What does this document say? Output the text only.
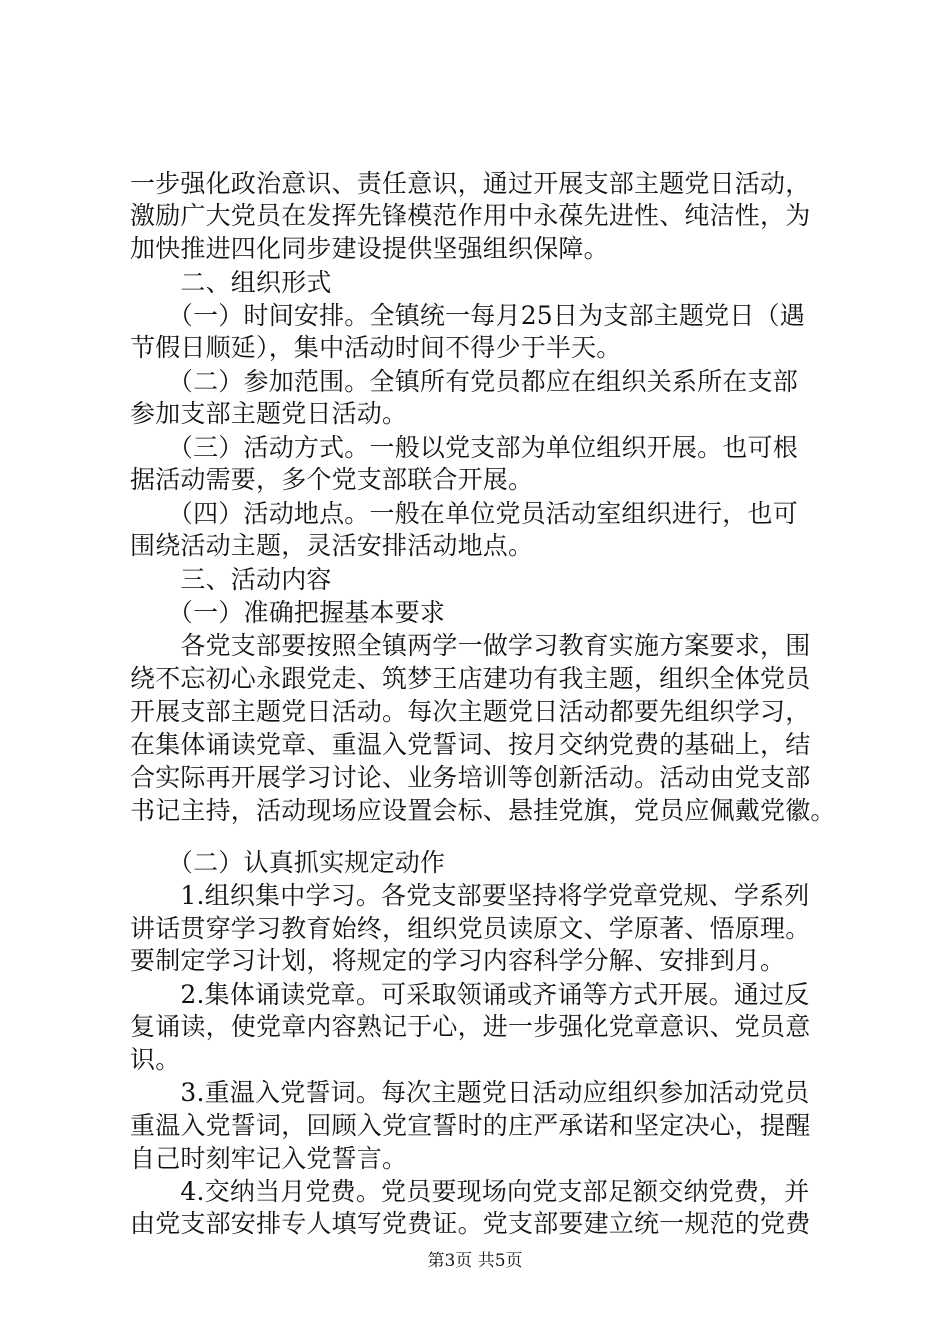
一步强化政治意识、责任意识，通过开展支部主题党日活动，
激励广大党员在发挥先锋模范作用中永葆先进性、纯洁性，为
加快推进四化同步建设提供坚强组织保障。
　　二、组织形式
　　（一）时间安排。全镇统一每月25日为支部主题党日（遇
节假日顺延），集中活动时间不得少于半天。
　　（二）参加范围。全镇所有党员都应在组织关系所在支部
参加支部主题党日活动。
　　（三）活动方式。一般以党支部为单位组织开展。也可根
据活动需要，多个党支部联合开展。
　　（四）活动地点。一般在单位党员活动室组织进行，也可
围绕活动主题，灵活安排活动地点。
　　三、活动内容
　　（一）准确把握基本要求
　　各党支部要按照全镇两学一做学习教育实施方案要求，围
绕不忘初心永跟党走、筑梦王店建功有我主题，组织全体党员
开展支部主题党日活动。每次主题党日活动都要先组织学习，
在集体诵读党章、重温入党誓词、按月交纳党费的基础上，结
合实际再开展学习讨论、业务培训等创新活动。活动由党支部
书记主持，活动现场应设置会标、悬挂党旗，党员应佩戴党徽。
　　（二）认真抓实规定动作
　　1.组织集中学习。各党支部要坚持将学党章党规、学系列
讲话贯穿学习教育始终，组织党员读原文、学原著、悟原理。
要制定学习计划，将规定的学习内容科学分解、安排到月。
　　2.集体诵读党章。可采取领诵或齐诵等方式开展。通过反
复诵读，使党章内容熟记于心，进一步强化党章意识、党员意
识。
　　3.重温入党誓词。每次主题党日活动应组织参加活动党员
重温入党誓词，回顾入党宣誓时的庄严承诺和坚定决心，提醒
自己时刻牢记入党誓言。
　　4.交纳当月党费。党员要现场向党支部足额交纳党费，并
由党支部安排专人填写党费证。党支部要建立统一规范的党费
第3页 共5页
